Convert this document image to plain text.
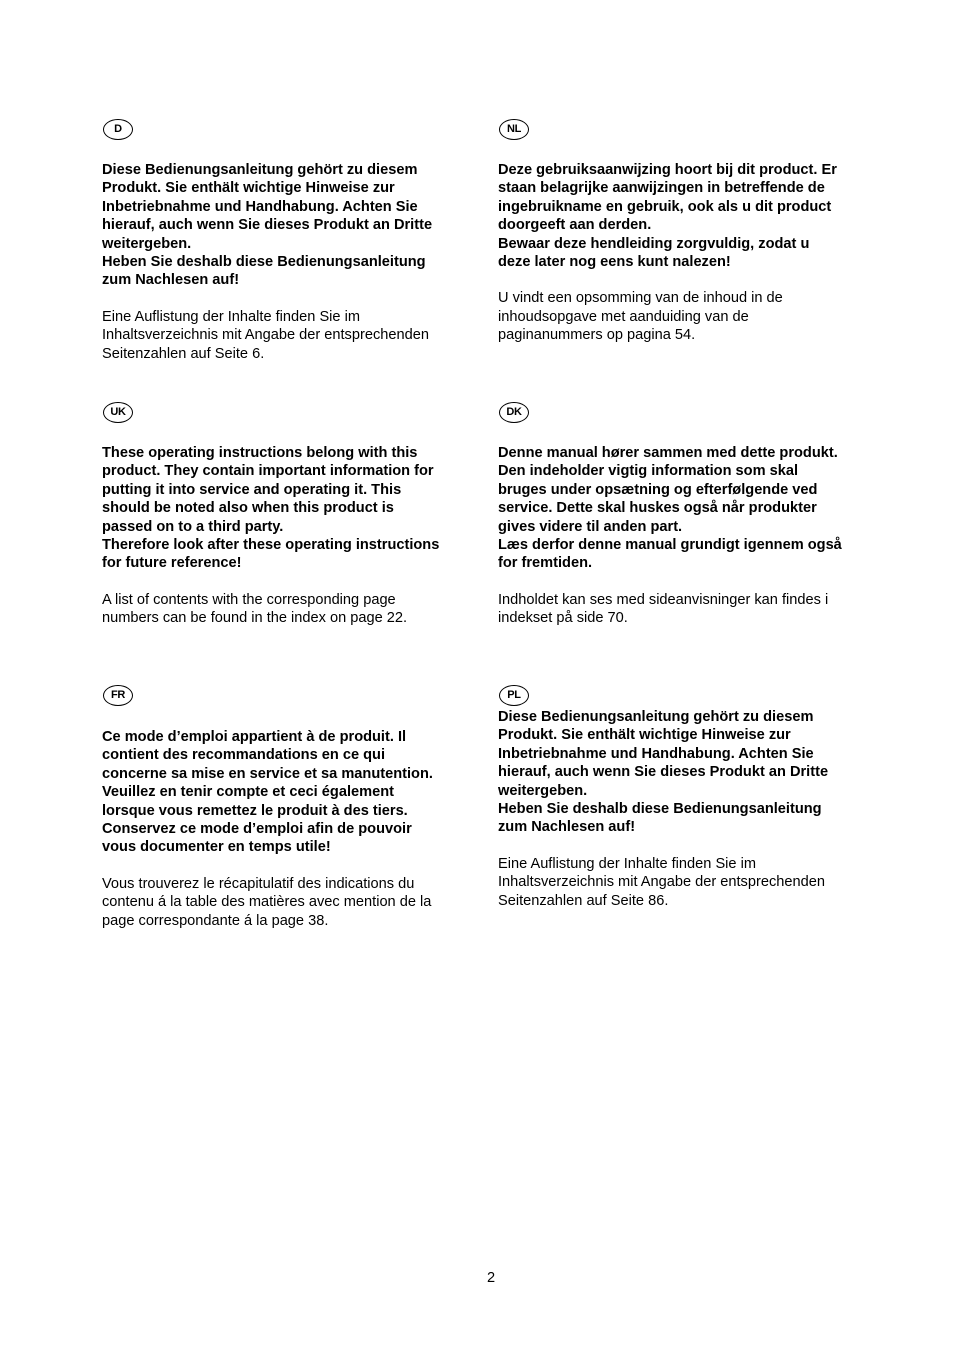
D
Diese Bedienungsanleitung gehört zu diesem
Produkt. Sie enthält wichtige Hinweise zur
Inbetriebnahme und Handhabung. Achten Sie
hierauf, auch wenn Sie dieses Produkt an Dritte
weitergeben.
Heben Sie deshalb diese Bedienungsanleitung
zum Nachlesen auf!
Eine Auflistung der Inhalte finden Sie im
Inhaltsverzeichnis mit Angabe der entsprechenden
Seitenzahlen auf Seite 6.
NL
Deze gebruiksaanwijzing hoort bij dit product. Er
staan belagrijke aanwijzingen in betreffende de
ingebruikname en gebruik, ook als u dit product
doorgeeft aan derden.
Bewaar deze hendleiding zorgvuldig, zodat u
deze later nog eens kunt nalezen!
U vindt een opsomming van de inhoud in de
inhoudsopgave met aanduiding van de
paginanummers op pagina 54.
UK
These operating instructions belong with this
product. They contain important information for
putting it into service and operating it. This
should be noted also when this product is
passed on to a third party.
Therefore look after these operating instructions
for future reference!
A list of contents with the corresponding page
numbers can be found in the index on page 22.
DK
Denne manual hører sammen med dette produkt.
Den indeholder vigtig information som skal
bruges under opsætning og efterfølgende ved
service. Dette skal huskes også når produkter
gives videre til anden part.
Læs derfor denne manual grundigt igennem også
for fremtiden.
Indholdet kan ses med sideanvisninger kan findes i
indekset på side 70.
FR
Ce mode d’emploi appartient à de produit. Il
contient des recommandations en ce qui
concerne sa mise en service et sa manutention.
Veuillez en tenir compte et ceci également
lorsque vous remettez le produit à des tiers.
Conservez ce mode d’emploi afin de pouvoir
vous documenter en temps utile!
Vous trouverez le récapitulatif des indications du
contenu á la table des matières avec mention de la
page correspondante á la page 38.
PL
Diese Bedienungsanleitung gehört zu diesem
Produkt. Sie enthält wichtige Hinweise zur
Inbetriebnahme und Handhabung. Achten Sie
hierauf, auch wenn Sie dieses Produkt an Dritte
weitergeben.
Heben Sie deshalb diese Bedienungsanleitung
zum Nachlesen auf!
Eine Auflistung der Inhalte finden Sie im
Inhaltsverzeichnis mit Angabe der entsprechenden
Seitenzahlen auf Seite 86.
2
